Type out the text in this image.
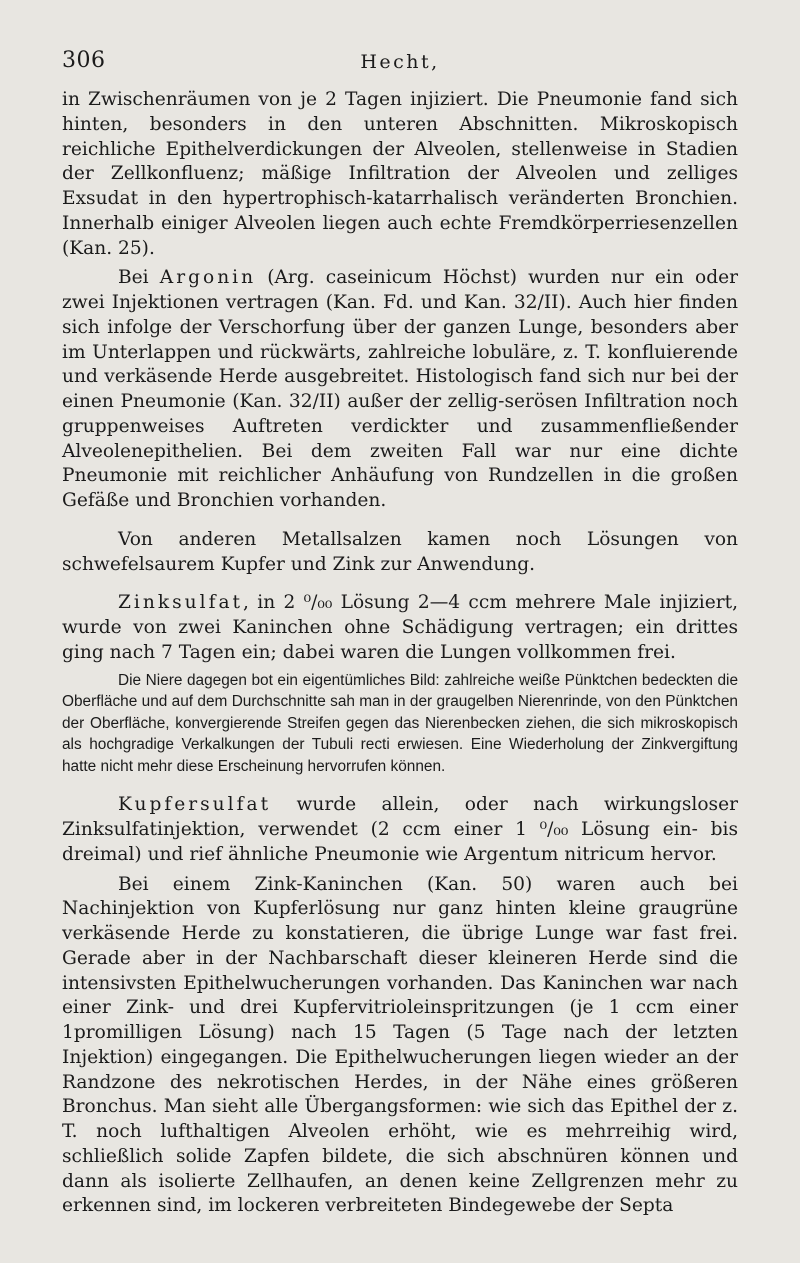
306	Hecht,

in Zwischenräumen von je 2 Tagen injiziert. Die Pneumonie fand sich hinten, besonders in den unteren Abschnitten. Mikroskopisch reichliche Epithelverdickungen der Alveolen, stellenweise in Stadien der Zellkonfluenz; mäßige Infiltration der Alveolen und zelliges Exsudat in den hypertrophisch-katarrhalisch veränderten Bronchien. Innerhalb einiger Alveolen liegen auch echte Fremdkörperriesenzellen (Kan. 25).

Bei Argonin (Arg. caseinicum Höchst) wurden nur ein oder zwei Injektionen vertragen (Kan. Fd. und Kan. 32/II). Auch hier finden sich infolge der Verschorfung über der ganzen Lunge, besonders aber im Unterlappen und rückwärts, zahlreiche lobuläre, z. T. konfluierende und verkäsende Herde ausgebreitet. Histologisch fand sich nur bei der einen Pneumonie (Kan. 32/II) außer der zellig-serösen Infiltration noch gruppenweises Auftreten verdickter und zusammenfließender Alveolenepithelien. Bei dem zweiten Fall war nur eine dichte Pneumonie mit reichlicher Anhäufung von Rundzellen in die großen Gefäße und Bronchien vorhanden.

Von anderen Metallsalzen kamen noch Lösungen von schwefelsaurem Kupfer und Zink zur Anwendung.

Zinksulfat, in 2 ⁰/₀₀ Lösung 2—4 ccm mehrere Male injiziert, wurde von zwei Kaninchen ohne Schädigung vertragen; ein drittes ging nach 7 Tagen ein; dabei waren die Lungen vollkommen frei.

Die Niere dagegen bot ein eigentümliches Bild: zahlreiche weiße Pünktchen bedeckten die Oberfläche und auf dem Durchschnitte sah man in der graugelben Nierenrinde, von den Pünktchen der Oberfläche, konvergierende Streifen gegen das Nierenbecken ziehen, die sich mikroskopisch als hochgradige Verkalkungen der Tubuli recti erwiesen. Eine Wiederholung der Zinkvergiftung hatte nicht mehr diese Erscheinung hervorrufen können.

Kupfersulfat wurde allein, oder nach wirkungsloser Zinksulfatinjektion, verwendet (2 ccm einer 1 ⁰/₀₀ Lösung ein- bis dreimal) und rief ähnliche Pneumonie wie Argentum nitricum hervor.

Bei einem Zink-Kaninchen (Kan. 50) waren auch bei Nachinjektion von Kupferlösung nur ganz hinten kleine graugrüne verkäsende Herde zu konstatieren, die übrige Lunge war fast frei. Gerade aber in der Nachbarschaft dieser kleineren Herde sind die intensivsten Epithelwucherungen vorhanden. Das Kaninchen war nach einer Zink- und drei Kupfervitrioleinspritzungen (je 1 ccm einer 1promilligen Lösung) nach 15 Tagen (5 Tage nach der letzten Injektion) eingegangen. Die Epithelwucherungen liegen wieder an der Randzone des nekrotischen Herdes, in der Nähe eines größeren Bronchus. Man sieht alle Übergangsformen: wie sich das Epithel der z. T. noch lufthaltigen Alveolen erhöht, wie es mehrreihig wird, schließlich solide Zapfen bildete, die sich abschnüren können und dann als isolierte Zellhaufen, an denen keine Zellgrenzen mehr zu erkennen sind, im lockeren verbreiteten Bindegewebe der Septa
